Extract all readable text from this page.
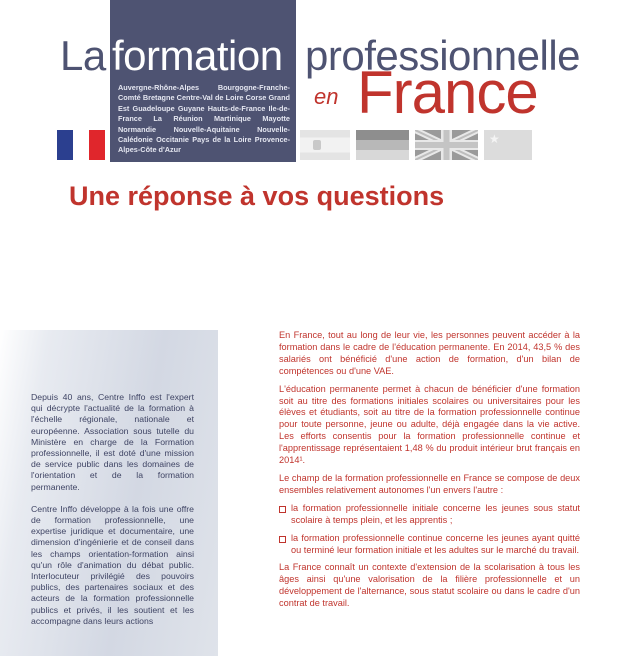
Auvergne-Rhône-Alpes Bourgogne-Franche-Comté Bretagne Centre-Val de Loire Corse Grand Est Guadeloupe Guyane Hauts-de-France Ile-de-France La Réunion Martinique Mayotte Normandie Nouvelle-Aquitaine Nouvelle-Calédonie Occitanie Pays de la Loire Provence-Alpes-Côte d'Azur

La formation professionnelle

en France

★
Une réponse à vos questions

Depuis 40 ans, Centre Inffo est l'expert qui décrypte l'actualité de la formation à l'échelle régionale, nationale et européenne. Association sous tutelle du Ministère en charge de la Formation professionnelle, il est doté d'une mission de service public dans les domaines de l'orientation et de la formation permanente.

Centre Inffo développe à la fois une offre de formation professionnelle, une expertise juridique et documentaire, une dimension d'ingénierie et de conseil dans les champs orientation-formation ainsi qu'un rôle d'animation du débat public. Interlocuteur privilégié des pouvoirs publics, des partenaires sociaux et des acteurs de la formation professionnelle publics et privés, il les soutient et les accompagne dans leurs actions

En France, tout au long de leur vie, les personnes peuvent accéder à la formation dans le cadre de l'éducation permanente. En 2014, 43,5 % des salariés ont bénéficié d'une action de formation, d'un bilan de compétences ou d'une VAE.

L'éducation permanente permet à chacun de bénéficier d'une formation soit au titre des formations initiales scolaires ou universitaires pour les élèves et étudiants, soit au titre de la formation professionnelle continue pour toute personne, jeune ou adulte, déjà engagée dans la vie active. Les efforts consentis pour la formation professionnelle continue et l'apprentissage représentaient 1,48 % du produit intérieur brut français en 2014¹.

Le champ de la formation professionnelle en France se compose de deux ensembles relativement autonomes l'un envers l'autre :

la formation professionnelle initiale concerne les jeunes sous statut scolaire à temps plein, et les apprentis ;
la formation professionnelle continue concerne les jeunes ayant quitté ou terminé leur formation initiale et les adultes sur le marché du travail.

La France connaît un contexte d'extension de la scolarisation à tous les âges ainsi qu'une valorisation de la filière professionnelle et un développement de l'alternance, sous statut scolaire ou dans le cadre d'un contrat de travail.
